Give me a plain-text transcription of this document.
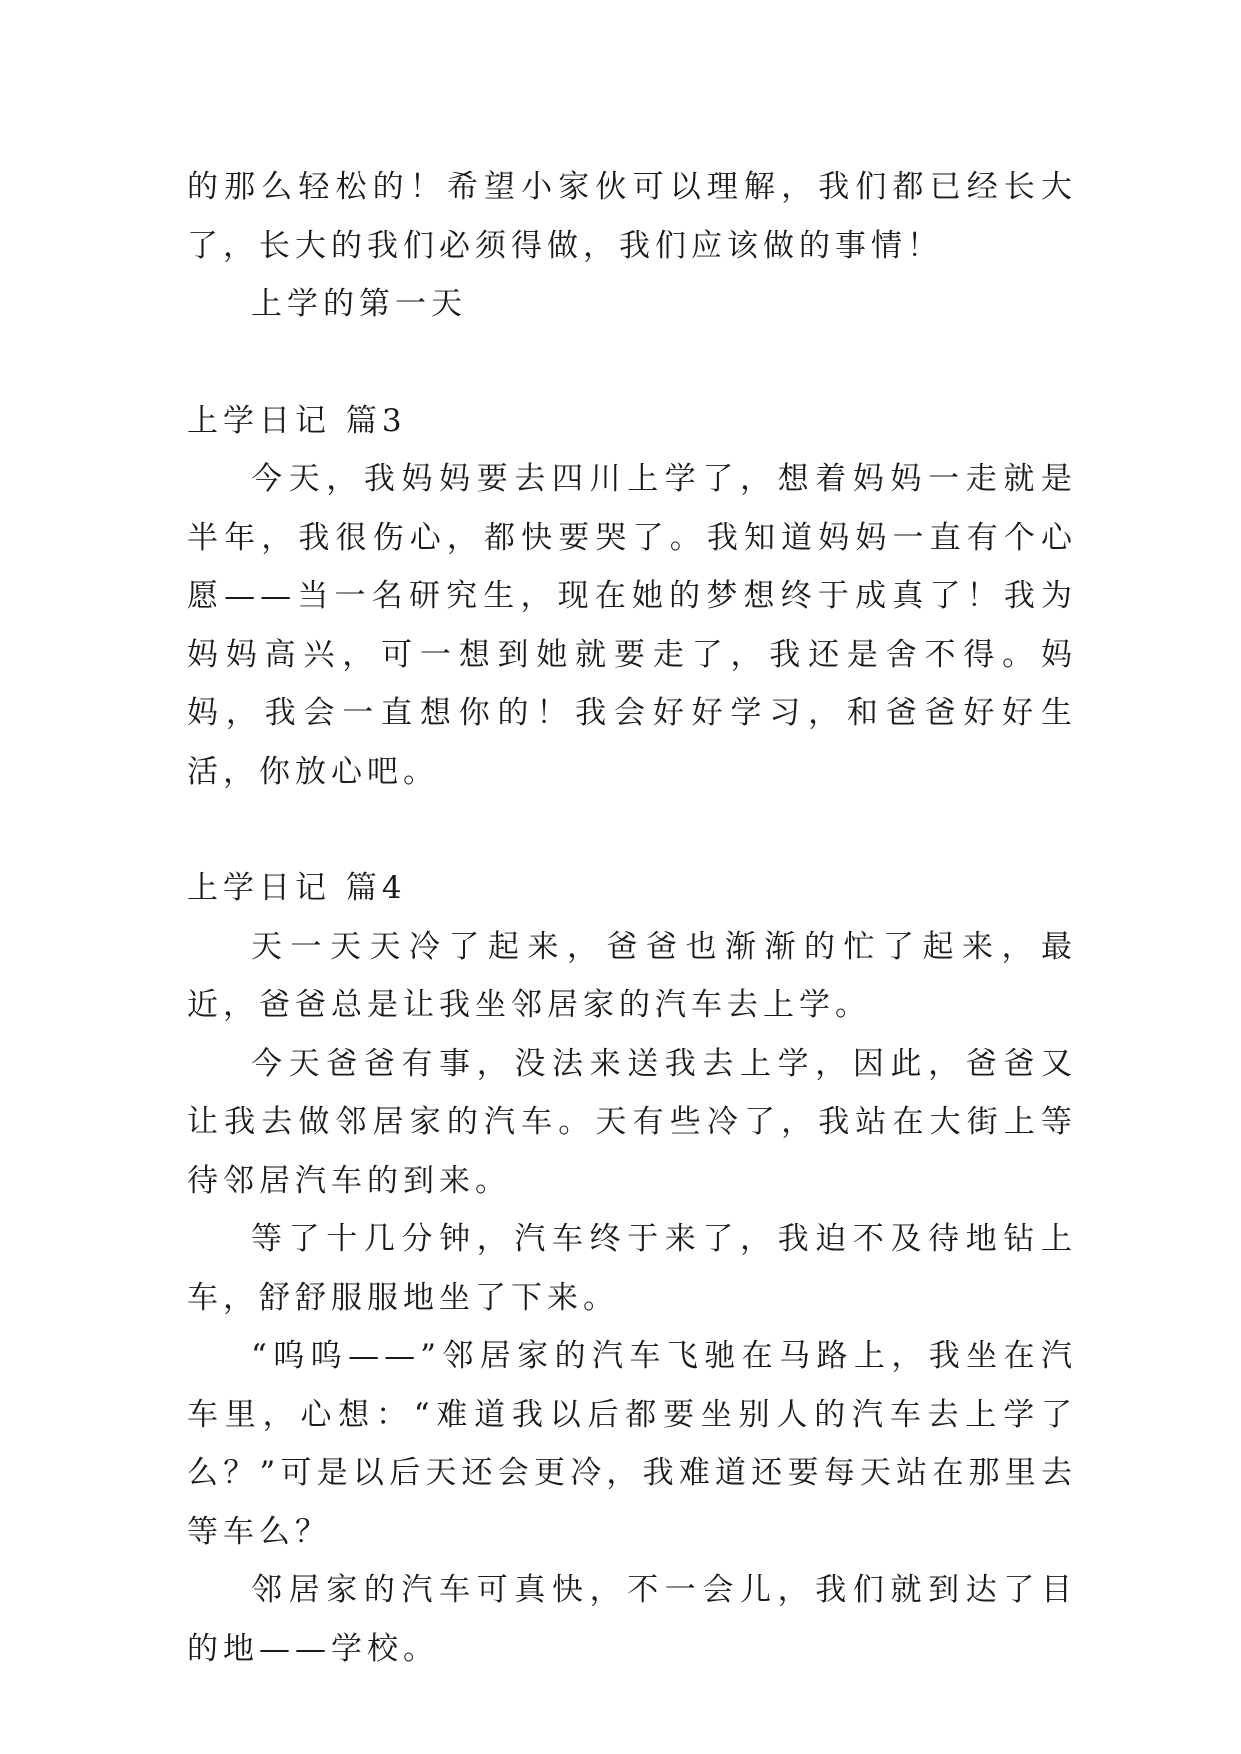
的那么轻松的！希望小家伙可以理解，我们都已经长大了，长大的我们必须得做，我们应该做的事情！

上学的第一天

上学日记 篇3

今天，我妈妈要去四川上学了，想着妈妈一走就是半年，我很伤心，都快要哭了。我知道妈妈一直有个心愿——当一名研究生，现在她的梦想终于成真了！我为妈妈高兴，可一想到她就要走了，我还是舍不得。妈妈，我会一直想你的！我会好好学习，和爸爸好好生活，你放心吧。

上学日记 篇4

天一天天冷了起来，爸爸也渐渐的忙了起来，最近，爸爸总是让我坐邻居家的汽车去上学。

今天爸爸有事，没法来送我去上学，因此，爸爸又让我去做邻居家的汽车。天有些冷了，我站在大街上等待邻居汽车的到来。

等了十几分钟，汽车终于来了，我迫不及待地钻上车，舒舒服服地坐了下来。

“呜呜——”邻居家的汽车飞驰在马路上，我坐在汽车里，心想：“难道我以后都要坐别人的汽车去上学了么？”可是以后天还会更冷，我难道还要每天站在那里去等车么？

邻居家的汽车可真快，不一会儿，我们就到达了目的地——学校。
